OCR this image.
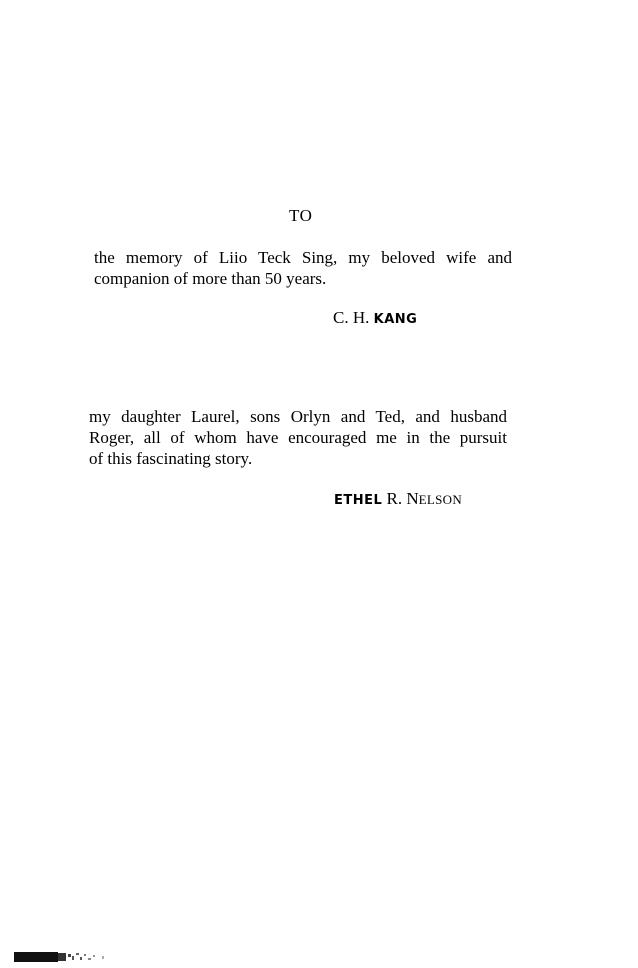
TO
the memory of Liio Teck Sing, my beloved wife and
companion of more than 50 years.
C. H. KANG
my daughter Laurel, sons Orlyn and Ted, and husband
Roger, all of whom have encouraged me in the pursuit
of this fascinating story.
ETHEL R. NELSON
